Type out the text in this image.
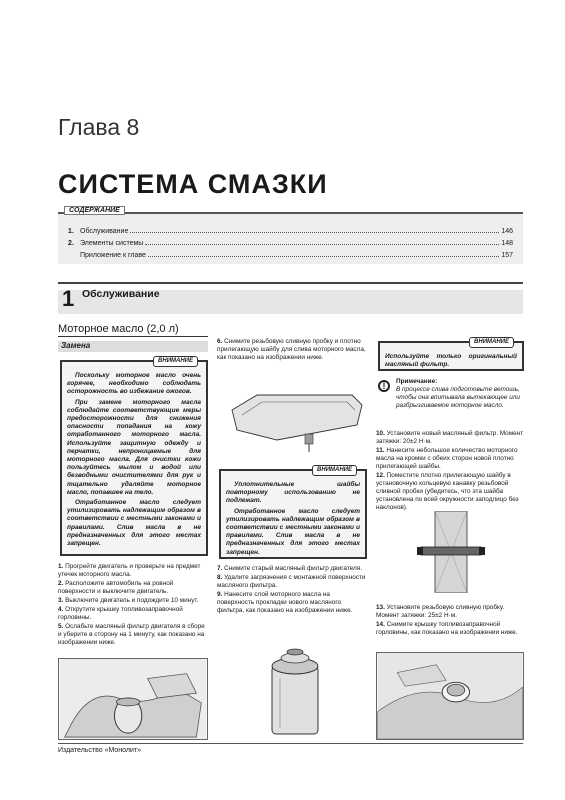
Глава 8
СИСТЕМА СМАЗКИ
СОДЕРЖАНИЕ
1. Обслуживание	146
2. Элементы системы	148
Приложение к главе	157
1 Обслуживание
Моторное масло (2,0 л)
Замена
ВНИМАНИЕ

Поскольку моторное масло очень горячее, необходимо соблюдать осторожность во избежание ожогов.

При замене моторного масла соблюдайте соответствующие меры предосторожности для снижения опасности попадания на кожу отработанного моторного масла. Используйте защитную одежду и перчатки, непроницаемые для моторного масла. Для очистки кожи пользуйтесь мылом и водой или безводными очистителями для рук и тщательно удаляйте моторное масло, попавшее на тело.

Отработанное масло следует утилизировать надлежащим образом в соответствии с местными законами и правилами. Слив масла в не предназначенных для этого местах запрещен.

1. Прогрейте двигатель и проверьте на предмет утечек моторного масла.

2. Расположите автомобиль на ровной поверхности и выключите двигатель.

3. Выключите двигатель и подождите 10 минут.

4. Открутите крышку топливозаправочной горловины.

5. Ослабьте масляный фильтр двигателя в сборе и уберите в сторону на 1 минуту, как показано на изображении ниже.

6. Снимите резьбовую сливную пробку и плотно прилегающую шайбу для слива моторного масла, как показано на изображении ниже.

ВНИМАНИЕ

Уплотнительные шайбы повторному использованию не подлежат.

Отработанное масло следует утилизировать надлежащим образом в соответствии с местными законами и правилами. Слив масла в не предназначенных для этого местах запрещен.

7. Снимите старый масляный фильтр двигателя.

8. Удалите загрязнения с монтажной поверхности масляного фильтра.

9. Нанесите слой моторного масла на поверхность прокладки нового масляного фильтра, как показано на изображении ниже.

ВНИМАНИЕ

Используйте только оригинальный масляный фильтр.

!	Примечание:

В процессе слива подготовьте ветошь, чтобы она впитывала вытекающее или разбрызгиваемое моторное масло.

10. Установите новый масляный фильтр. Момент затяжки: 20±2 Н·м.

11. Нанесите небольшое количество моторного масла на кромки с обеих сторон новой плотно прилегающей шайбы.

12. Поместите плотно прилегающую шайбу в установочную кольцевую канавку резьбовой сливной пробки (убедитесь, что эта шайба установлена по всей окружности заподлицо без наклонов).

13. Установите резьбовую сливную пробку. Момент затяжки: 25±2 Н·м.

14. Снимите крышку топливозаправочной горловины, как показано на изображении ниже.

Издательство «Монолит»
